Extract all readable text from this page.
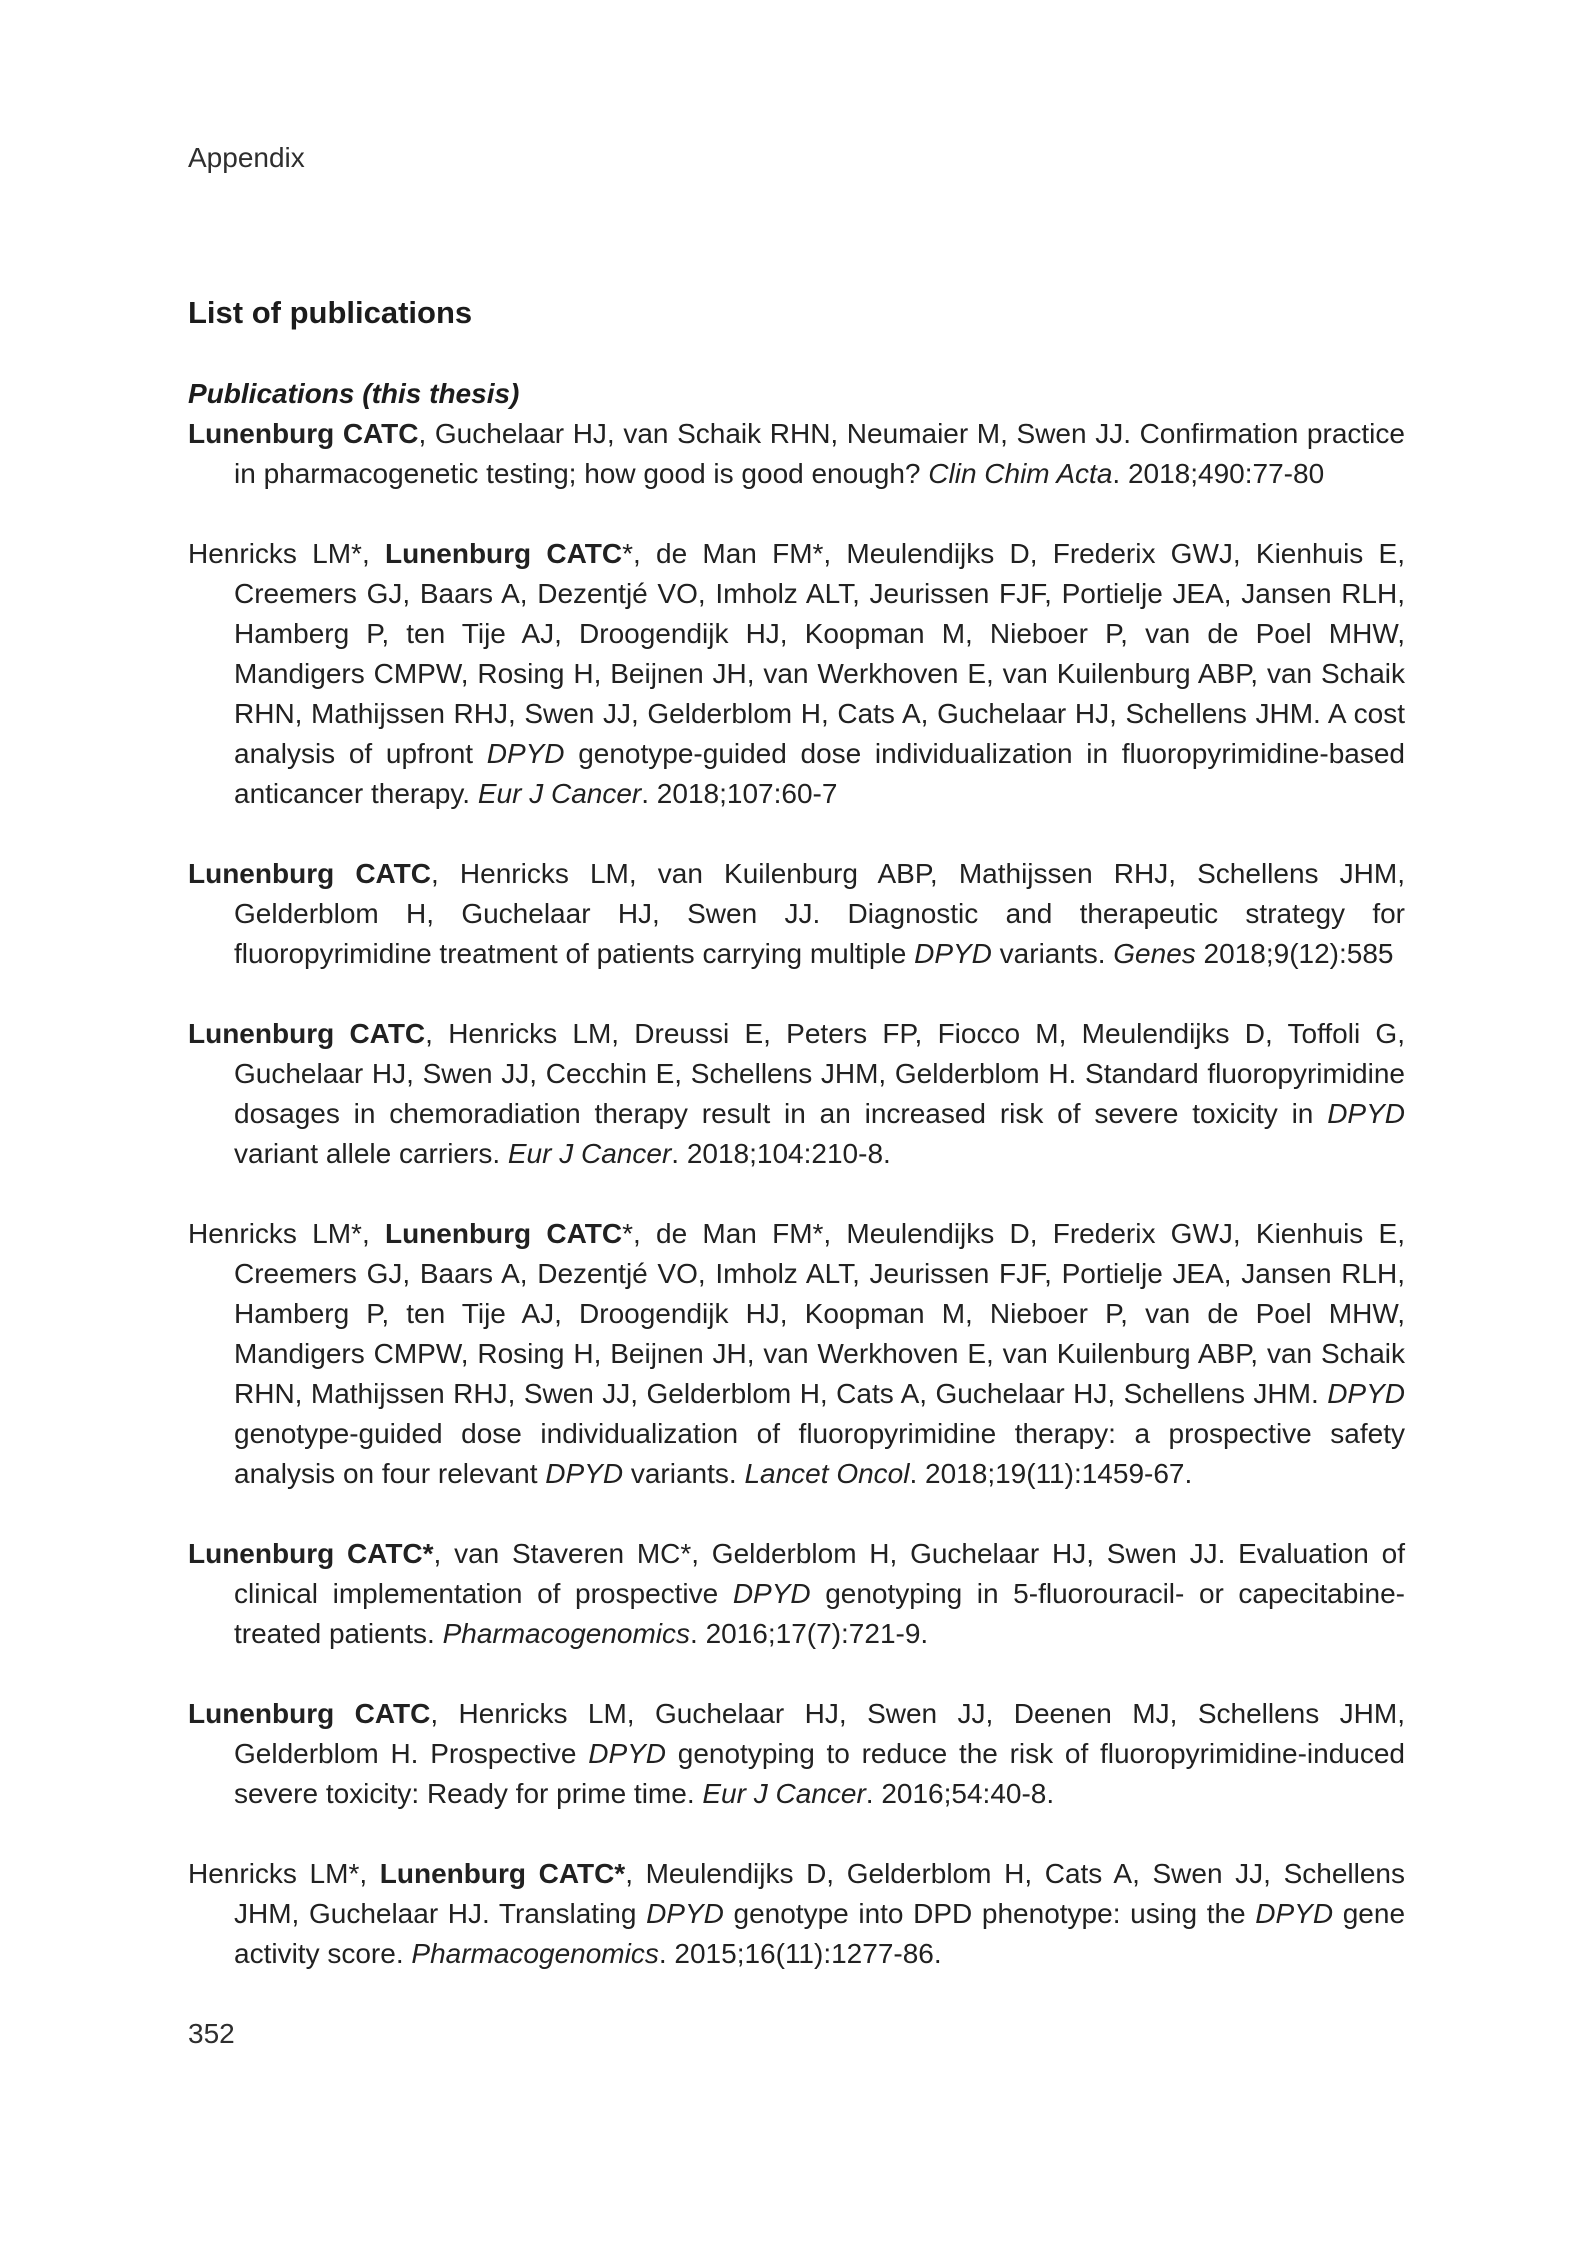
Appendix
List of publications
Publications (this thesis)

Lunenburg CATC, Guchelaar HJ, van Schaik RHN, Neumaier M, Swen JJ. Confirmation practice in pharmacogenetic testing; how good is good enough? Clin Chim Acta. 2018;490:77-80

Henricks LM*, Lunenburg CATC*, de Man FM*, Meulendijks D, Frederix GWJ, Kienhuis E, Creemers GJ, Baars A, Dezentjé VO, Imholz ALT, Jeurissen FJF, Portielje JEA, Jansen RLH, Hamberg P, ten Tije AJ, Droogendijk HJ, Koopman M, Nieboer P, van de Poel MHW, Mandigers CMPW, Rosing H, Beijnen JH, van Werkhoven E, van Kuilenburg ABP, van Schaik RHN, Mathijssen RHJ, Swen JJ, Gelderblom H, Cats A, Guchelaar HJ, Schellens JHM. A cost analysis of upfront DPYD genotype-guided dose individualization in fluoropyrimidine-based anticancer therapy. Eur J Cancer. 2018;107:60-7

Lunenburg CATC, Henricks LM, van Kuilenburg ABP, Mathijssen RHJ, Schellens JHM, Gelderblom H, Guchelaar HJ, Swen JJ. Diagnostic and therapeutic strategy for fluoropyrimidine treatment of patients carrying multiple DPYD variants. Genes 2018;9(12):585

Lunenburg CATC, Henricks LM, Dreussi E, Peters FP, Fiocco M, Meulendijks D, Toffoli G, Guchelaar HJ, Swen JJ, Cecchin E, Schellens JHM, Gelderblom H. Standard fluoropyrimidine dosages in chemoradiation therapy result in an increased risk of severe toxicity in DPYD variant allele carriers. Eur J Cancer. 2018;104:210-8.

Henricks LM*, Lunenburg CATC*, de Man FM*, Meulendijks D, Frederix GWJ, Kienhuis E, Creemers GJ, Baars A, Dezentjé VO, Imholz ALT, Jeurissen FJF, Portielje JEA, Jansen RLH, Hamberg P, ten Tije AJ, Droogendijk HJ, Koopman M, Nieboer P, van de Poel MHW, Mandigers CMPW, Rosing H, Beijnen JH, van Werkhoven E, van Kuilenburg ABP, van Schaik RHN, Mathijssen RHJ, Swen JJ, Gelderblom H, Cats A, Guchelaar HJ, Schellens JHM. DPYD genotype-guided dose individualization of fluoropyrimidine therapy: a prospective safety analysis on four relevant DPYD variants. Lancet Oncol. 2018;19(11):1459-67.

Lunenburg CATC*, van Staveren MC*, Gelderblom H, Guchelaar HJ, Swen JJ. Evaluation of clinical implementation of prospective DPYD genotyping in 5-fluorouracil- or capecitabine-treated patients. Pharmacogenomics. 2016;17(7):721-9.

Lunenburg CATC, Henricks LM, Guchelaar HJ, Swen JJ, Deenen MJ, Schellens JHM, Gelderblom H. Prospective DPYD genotyping to reduce the risk of fluoropyrimidine-induced severe toxicity: Ready for prime time. Eur J Cancer. 2016;54:40-8.

Henricks LM*, Lunenburg CATC*, Meulendijks D, Gelderblom H, Cats A, Swen JJ, Schellens JHM, Guchelaar HJ. Translating DPYD genotype into DPD phenotype: using the DPYD gene activity score. Pharmacogenomics. 2015;16(11):1277-86.

352
